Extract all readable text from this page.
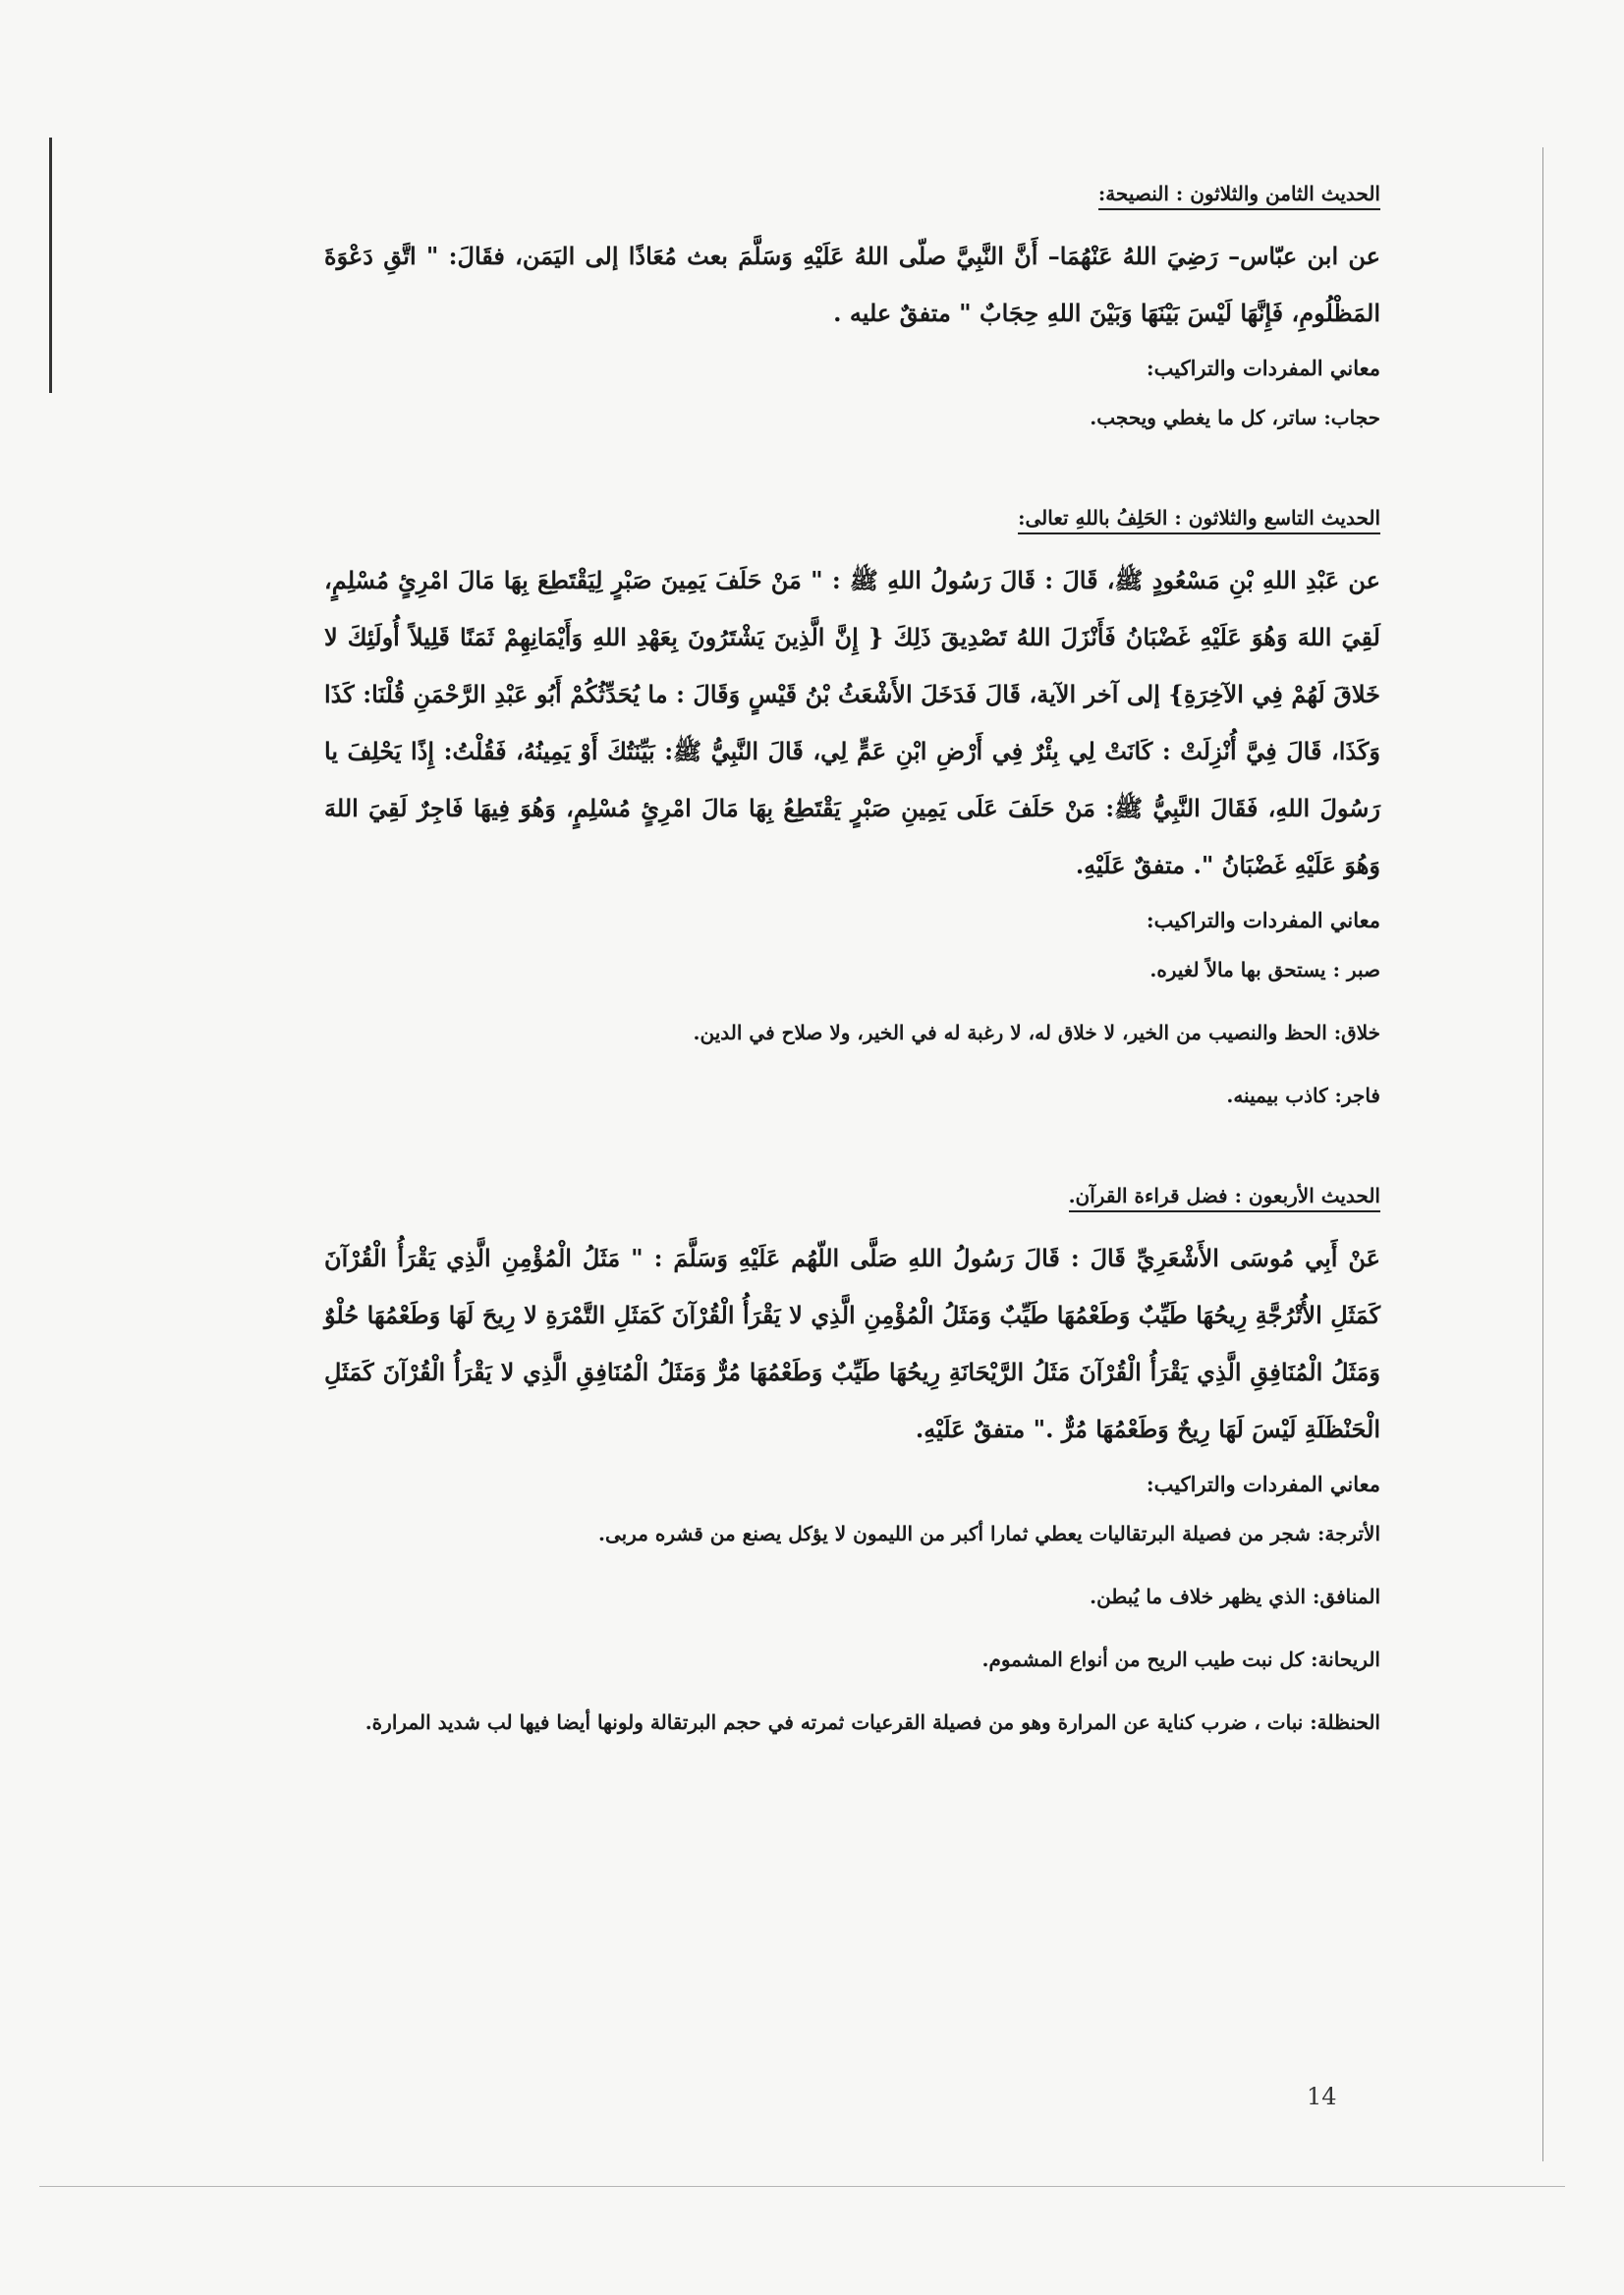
الحديث الثامن والثلاثون : النصيحة:

عن ابن عبّاس– رَضِيَ اللهُ عَنْهُمَا– أَنَّ النَّبِيَّ صلّى اللهُ عَلَيْهِ وَسَلَّمَ بعث مُعَاذًا إلى اليَمَن، فقَالَ: " اتَّقِ دَعْوَةَ المَظْلُومِ، فَإِنَّهَا لَيْسَ بَيْنَهَا وَبَيْنَ اللهِ حِجَابٌ " متفقٌ عليه .

معاني المفردات والتراكيب:

حجاب: ساتر، كل ما يغطي ويحجب.

الحديث التاسع والثلاثون : الحَلِفُ باللهِ تعالى:

عن عَبْدِ اللهِ بْنِ مَسْعُودٍ ﷺ، قَالَ : قَالَ رَسُولُ اللهِ ﷺ : " مَنْ حَلَفَ يَمِينَ صَبْرٍ لِيَقْتَطِعَ بِهَا مَالَ امْرِئٍ مُسْلِمٍ، لَقِيَ اللهَ وَهُوَ عَلَيْهِ غَضْبَانُ فَأَنْزَلَ اللهُ تَصْدِيقَ ذَلِكَ { إِنَّ الَّذِينَ يَشْتَرُونَ بِعَهْدِ اللهِ وَأَيْمَانِهِمْ ثَمَنًا قَلِيلاً أُولَئِكَ لا خَلاقَ لَهُمْ فِي الآخِرَةِ} إلى آخر الآية، قَالَ فَدَخَلَ الأَشْعَثُ بْنُ قَيْسٍ وَقَالَ : ما يُحَدِّثُكُمْ أَبُو عَبْدِ الرَّحْمَنِ قُلْنَا: كَذَا وَكَذَا، قَالَ فِيَّ أُنْزِلَتْ : كَانَتْ لِي بِئْرٌ فِي أَرْضِ ابْنِ عَمٍّ لِي، قَالَ النَّبِيُّ ﷺ: بَيِّنَتُكَ أَوْ يَمِينُهُ، فَقُلْتُ: إِذًا يَحْلِفَ يا رَسُولَ اللهِ، فَقَالَ النَّبِيُّ ﷺ: مَنْ حَلَفَ عَلَى يَمِينِ صَبْرٍ يَقْتَطِعُ بِهَا مَالَ امْرِئٍ مُسْلِمٍ، وَهُوَ فِيهَا فَاجِرٌ لَقِيَ اللهَ وَهُوَ عَلَيْهِ غَضْبَانُ ". متفقٌ عَلَيْهِ.

معاني المفردات والتراكيب:

صبر : يستحق بها مالاً لغيره.

خلاق: الحظ والنصيب من الخير، لا خلاق له، لا رغبة له في الخير، ولا صلاح في الدين.

فاجر: كاذب بيمينه.

الحديث الأربعون : فضل قراءة القرآن.

عَنْ أَبِي مُوسَى الأَشْعَرِيِّ قَالَ : قَالَ رَسُولُ اللهِ صَلَّى اللّهُم عَلَيْهِ وَسَلَّمَ : " مَثَلُ الْمُؤْمِنِ الَّذِي يَقْرَأُ الْقُرْآنَ كَمَثَلِ الأُتْرُجَّةِ رِيحُهَا طَيِّبٌ وَطَعْمُهَا طَيِّبٌ وَمَثَلُ الْمُؤْمِنِ الَّذِي لا يَقْرَأُ الْقُرْآنَ كَمَثَلِ التَّمْرَةِ لا رِيحَ لَهَا وَطَعْمُهَا حُلْوٌ وَمَثَلُ الْمُنَافِقِ الَّذِي يَقْرَأُ الْقُرْآنَ مَثَلُ الرَّيْحَانَةِ رِيحُهَا طَيِّبٌ وَطَعْمُهَا مُرٌّ وَمَثَلُ الْمُنَافِقِ الَّذِي لا يَقْرَأُ الْقُرْآنَ كَمَثَلِ الْحَنْظَلَةِ لَيْسَ لَهَا رِيحٌ وَطَعْمُهَا مُرٌّ ." متفقٌ عَلَيْهِ.

معاني المفردات والتراكيب:

الأترجة: شجر من فصيلة البرتقاليات يعطي ثمارا أكبر من الليمون لا يؤكل يصنع من قشره مربى.

المنافق: الذي يظهر خلاف ما يُبطن.

الريحانة: كل نبت طيب الريح من أنواع المشموم.

الحنظلة: نبات ، ضرب كناية عن المرارة وهو من فصيلة القرعيات ثمرته في حجم البرتقالة ولونها أيضا فيها لب شديد المرارة.

14
